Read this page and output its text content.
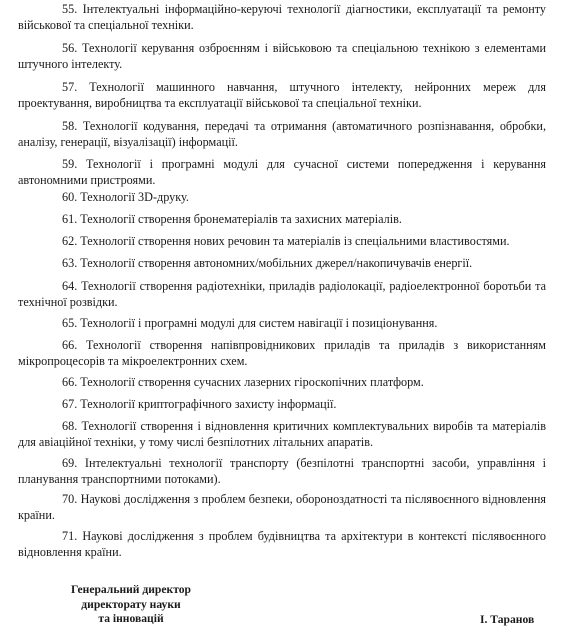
55. Інтелектуальні інформаційно-керуючі технології діагностики, експлуатації та ремонту військової та спеціальної техніки.

56. Технології керування озброєнням і військовою та спеціальною технікою з елементами штучного інтелекту.

57. Технології машинного навчання, штучного інтелекту, нейронних мереж для проектування, виробництва та експлуатації військової та спеціальної техніки.

58. Технології кодування, передачі та отримання (автоматичного розпізнавання, обробки, аналізу, генерації, візуалізації) інформації.

59. Технології і програмні модулі для сучасної системи попередження і керування автономними пристроями.

60. Технології 3D-друку.

61. Технології створення бронематеріалів та захисних матеріалів.

62. Технології створення нових речовин та матеріалів із спеціальними властивостями.

63. Технології створення автономних/мобільних джерел/накопичувачів енергії.

64. Технології створення радіотехніки, приладів радіолокації, радіоелектронної боротьби та технічної розвідки.

65. Технології і програмні модулі для систем навігації і позиціонування.

66. Технології створення напівпровідникових приладів та приладів з використанням мікропроцесорів та мікроелектронних схем.

66. Технології створення сучасних лазерних гіроскопічних платформ.

67. Технології криптографічного захисту інформації.

68. Технології створення і відновлення критичних комплектувальних виробів та матеріалів для авіаційної техніки, у тому числі безпілотних літальних апаратів.

69. Інтелектуальні технології транспорту (безпілотні транспортні засоби, управління і планування транспортними потоками).

70. Наукові дослідження з проблем безпеки, обороноздатності та післявоєнного відновлення країни.

71. Наукові дослідження з проблем будівництва та архітектури в контексті післявоєнного відновлення країни.

Генеральний директор
директорату науки
та інновацій	І. Таранов
